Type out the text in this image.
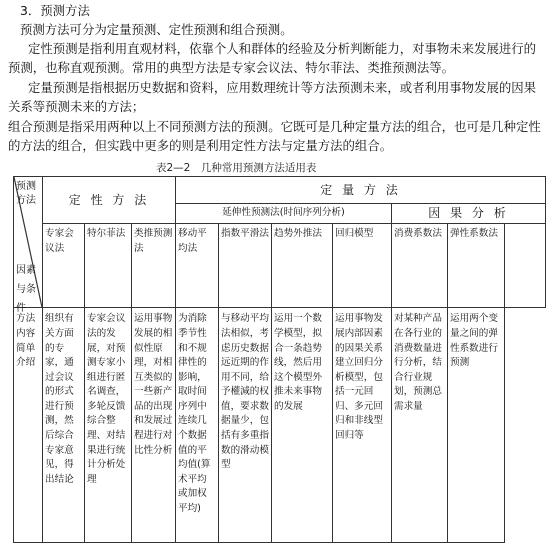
3．预测方法
预测方法可分为定量预测、定性预测和组合预测。

定性预测是指利用直观材料，依靠个人和群体的经验及分析判断能力，对事物未来发展进行的预测，也称直观预测。常用的典型方法是专家会议法、特尔菲法、类推预测法等。

定量预测是指根据历史数据和资料，应用数理统计等方法预测未来，或者利用事物发展的因果关系等预测未来的方法；

组合预测是指采用两种以上不同预测方法的预测。它既可是几种定量方法的组合，也可是几种定性的方法的组合，但实践中更多的则是利用定性方法与定量方法的组合。

表2—2　几种常用预测方法适用表
预测方法
因素与条件	定 性 方 法			定 量 方 法						
				延伸性预测法(时间序列分析)				因 果 分 析		
	专家会议法	特尔菲法	类推预测法	移动平均法	指数平滑法	趋势外推法	回归模型	消费系数法	弹性系数法	
方法内容简单介绍	组织有关方面的专家，通过会议的形式进行预测，然后综合专家意见，得出结论	专家会议法的发展，对预测专家小组进行匿名调查，多轮反馈综合整理、对结果进行统计分析处理	运用事物发展的相似性原理，对相互类似的一些新产品的出现和发展过程进行对比性分析	为消除季节性和不规律性的影响，取时间序列中连续几个数据值的平均值(算术平均或加权平均)	与移动平均法相似，考虑历史数据远近期的作用不同，给予權減的权值，要求数据量少，包括有多重指数的滑动模型	运用一个数学模型，拟合一条趋势线，然后用这个模型外推未来事物的发展	运用事物发展内部因素的因果关系建立回归分析模型，包括一元回归、多元回归和非线型回归等	对某种产品在各行业的消费数量进行分析，结合行业规划，预测总需求量	运用两个变量之间的弹性系数进行预测	
